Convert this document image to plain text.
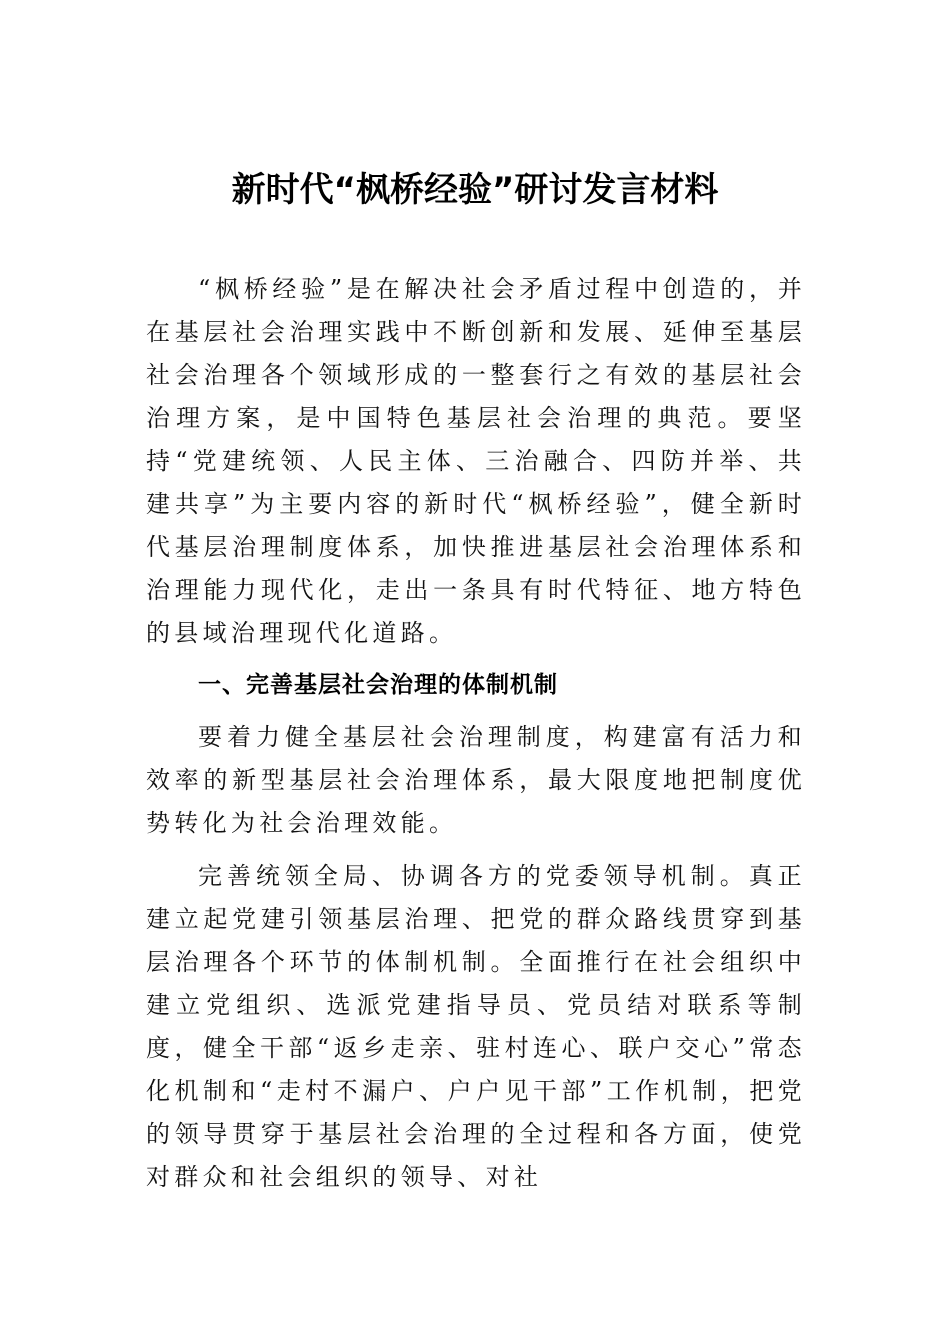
新时代“枫桥经验”研讨发言材料

“枫桥经验”是在解决社会矛盾过程中创造的，并在基层社会治理实践中不断创新和发展、延伸至基层社会治理各个领域形成的一整套行之有效的基层社会治理方案，是中国特色基层社会治理的典范。要坚持“党建统领、人民主体、三治融合、四防并举、共建共享”为主要内容的新时代“枫桥经验”，健全新时代基层治理制度体系，加快推进基层社会治理体系和治理能力现代化，走出一条具有时代特征、地方特色的县域治理现代化道路。

一、完善基层社会治理的体制机制

要着力健全基层社会治理制度，构建富有活力和效率的新型基层社会治理体系，最大限度地把制度优势转化为社会治理效能。

完善统领全局、协调各方的党委领导机制。真正建立起党建引领基层治理、把党的群众路线贯穿到基层治理各个环节的体制机制。全面推行在社会组织中建立党组织、选派党建指导员、党员结对联系等制度，健全干部“返乡走亲、驻村连心、联户交心”常态化机制和“走村不漏户、户户见干部”工作机制，把党的领导贯穿于基层社会治理的全过程和各方面，使党对群众和社会组织的领导、对社
